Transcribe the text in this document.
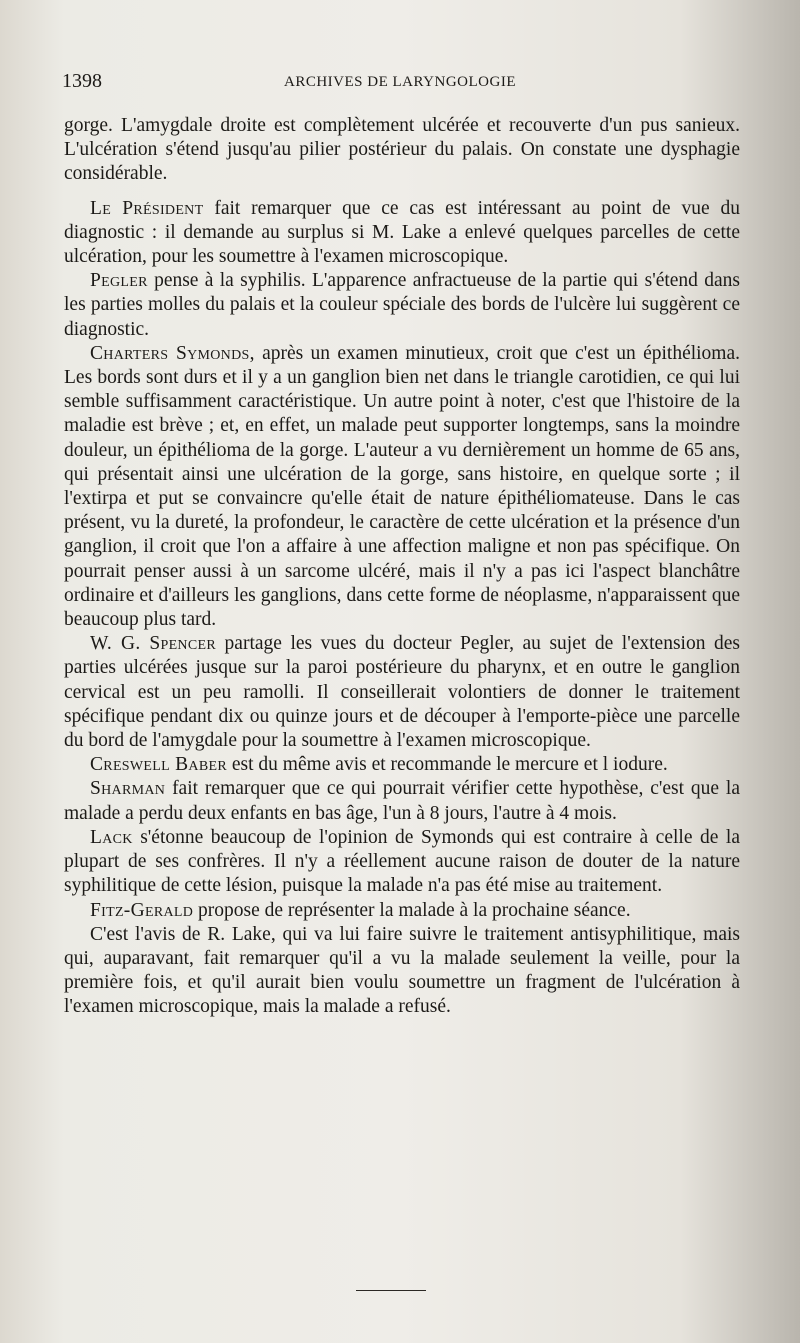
1398	ARCHIVES DE LARYNGOLOGIE

gorge. L'amygdale droite est complètement ulcérée et recouverte d'un pus sanieux. L'ulcération s'étend jusqu'au pilier postérieur du palais. On constate une dysphagie considérable.

Le Président fait remarquer que ce cas est intéressant au point de vue du diagnostic : il demande au surplus si M. Lake a enlevé quelques parcelles de cette ulcération, pour les soumettre à l'examen microscopique.

Pegler pense à la syphilis. L'apparence anfractueuse de la partie qui s'étend dans les parties molles du palais et la couleur spéciale des bords de l'ulcère lui suggèrent ce diagnostic.

Charters Symonds, après un examen minutieux, croit que c'est un épithélioma. Les bords sont durs et il y a un ganglion bien net dans le triangle carotidien, ce qui lui semble suffisamment caractéristique. Un autre point à noter, c'est que l'histoire de la maladie est brève ; et, en effet, un malade peut supporter longtemps, sans la moindre douleur, un épithélioma de la gorge. L'auteur a vu dernièrement un homme de 65 ans, qui présentait ainsi une ulcération de la gorge, sans histoire, en quelque sorte ; il l'extirpa et put se convaincre qu'elle était de nature épithéliomateuse. Dans le cas présent, vu la dureté, la profondeur, le caractère de cette ulcération et la présence d'un ganglion, il croit que l'on a affaire à une affection maligne et non pas spécifique. On pourrait penser aussi à un sarcome ulcéré, mais il n'y a pas ici l'aspect blanchâtre ordinaire et d'ailleurs les ganglions, dans cette forme de néoplasme, n'apparaissent que beaucoup plus tard.

W. G. Spencer partage les vues du docteur Pegler, au sujet de l'extension des parties ulcérées jusque sur la paroi postérieure du pharynx, et en outre le ganglion cervical est un peu ramolli. Il conseillerait volontiers de donner le traitement spécifique pendant dix ou quinze jours et de découper à l'emporte-pièce une parcelle du bord de l'amygdale pour la soumettre à l'examen microscopique.

Creswell Baber est du même avis et recommande le mercure et l iodure.

Sharman fait remarquer que ce qui pourrait vérifier cette hypothèse, c'est que la malade a perdu deux enfants en bas âge, l'un à 8 jours, l'autre à 4 mois.

Lack s'étonne beaucoup de l'opinion de Symonds qui est contraire à celle de la plupart de ses confrères. Il n'y a réellement aucune raison de douter de la nature syphilitique de cette lésion, puisque la malade n'a pas été mise au traitement.

Fitz-Gerald propose de représenter la malade à la prochaine séance.

C'est l'avis de R. Lake, qui va lui faire suivre le traitement antisyphilitique, mais qui, auparavant, fait remarquer qu'il a vu la malade seulement la veille, pour la première fois, et qu'il aurait bien voulu soumettre un fragment de l'ulcération à l'examen microscopique, mais la malade a refusé.
